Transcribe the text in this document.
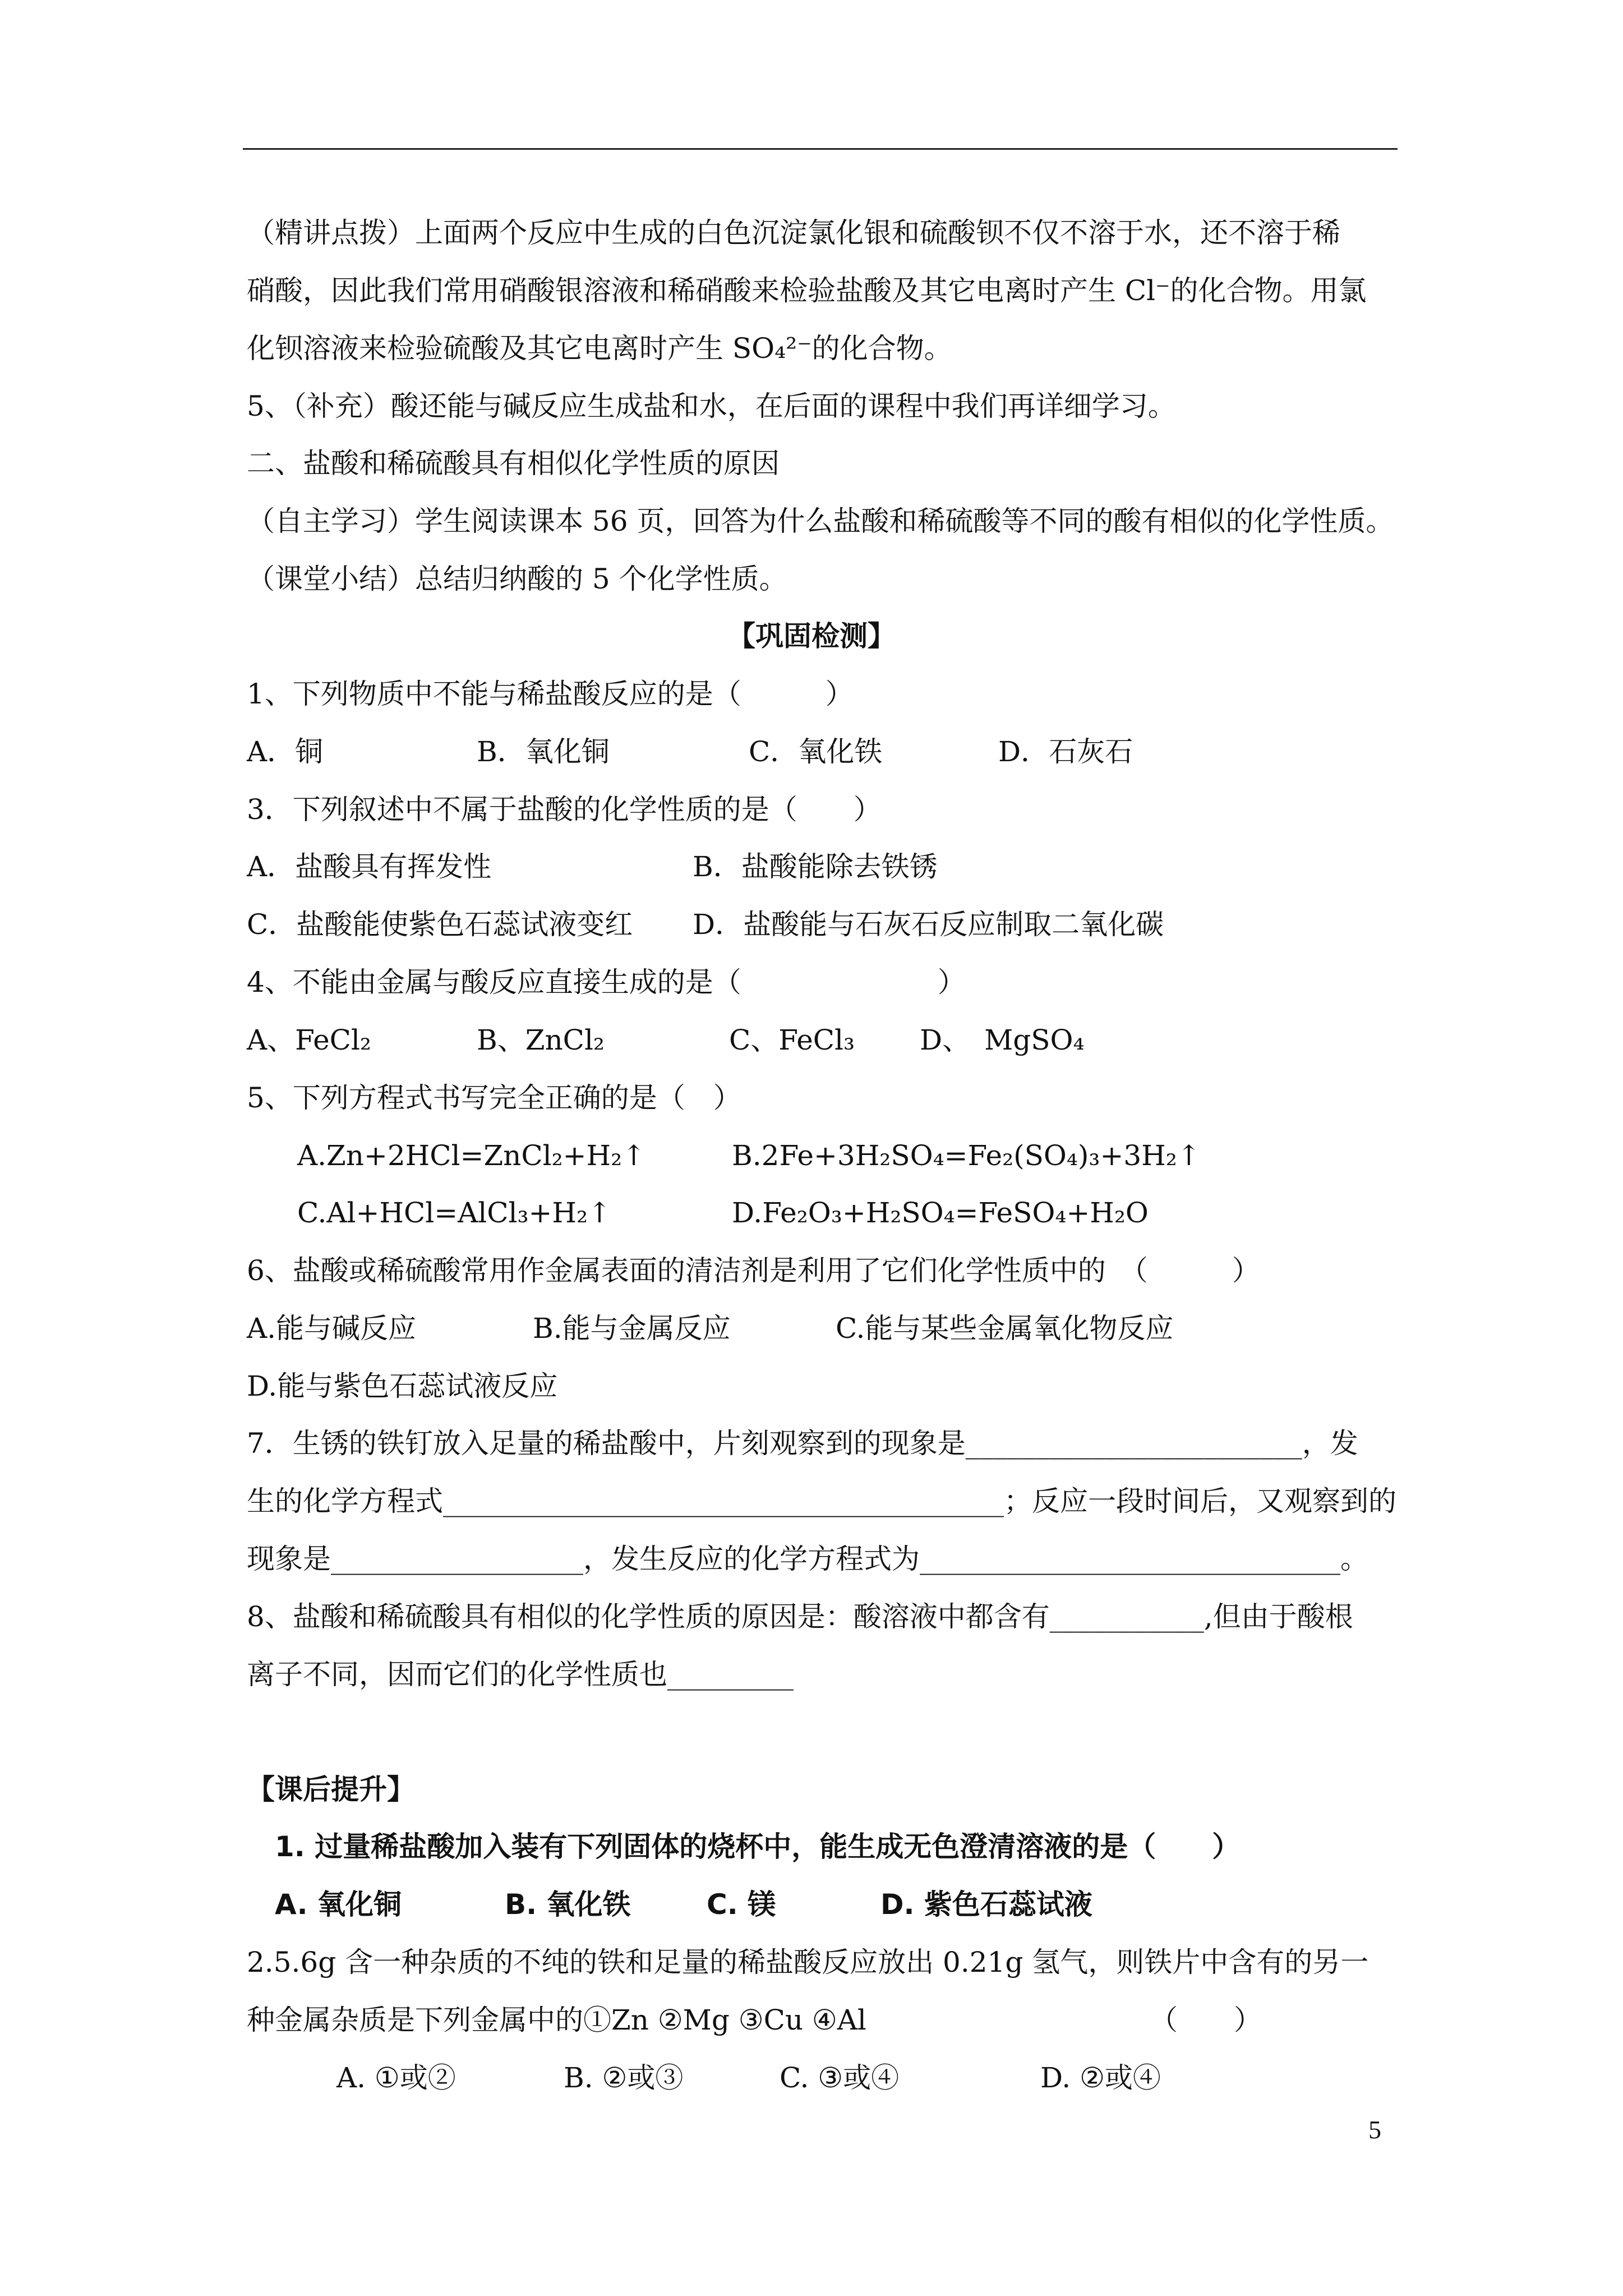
（精讲点拨）上面两个反应中生成的白色沉淀氯化银和硫酸钡不仅不溶于水，还不溶于稀
硝酸，因此我们常用硝酸银溶液和稀硝酸来检验盐酸及其它电离时产生 Cl⁻的化合物。用氯
化钡溶液来检验硫酸及其它电离时产生 SO₄²⁻的化合物。
5、（补充）酸还能与碱反应生成盐和水，在后面的课程中我们再详细学习。
二、盐酸和稀硫酸具有相似化学性质的原因
（自主学习）学生阅读课本 56 页，回答为什么盐酸和稀硫酸等不同的酸有相似的化学性质。
（课堂小结）总结归纳酸的 5 个化学性质。
【巩固检测】
1、下列物质中不能与稀盐酸反应的是（　　　）
A．铜	B．氧化铜	C．氧化铁	D．石灰石
3．下列叙述中不属于盐酸的化学性质的是（　　）
A．盐酸具有挥发性	B．盐酸能除去铁锈
C．盐酸能使紫色石蕊试液变红 D．盐酸能与石灰石反应制取二氧化碳
4、不能由金属与酸反应直接生成的是（　　　　　　　）
A、FeCl₂	B、ZnCl₂	C、FeCl₃ D、　MgSO₄
5、下列方程式书写完全正确的是（　）
A.Zn+2HCl=ZnCl₂+H₂↑	B.2Fe+3H₂SO₄=Fe₂(SO₄)₃+3H₂↑
C.Al+HCl=AlCl₃+H₂↑	D.Fe₂O₃+H₂SO₄=FeSO₄+H₂O
6、盐酸或稀硫酸常用作金属表面的清洁剂是利用了它们化学性质中的　（　　　）
A.能与碱反应	B.能与金属反应	C.能与某些金属氧化物反应
D.能与紫色石蕊试液反应
7．生锈的铁钉放入足量的稀盐酸中，片刻观察到的现象是________________________，发
生的化学方程式________________________________________；反应一段时间后，又观察到的
现象是__________________，发生反应的化学方程式为______________________________。
8、盐酸和稀硫酸具有相似的化学性质的原因是：酸溶液中都含有___________,但由于酸根
离子不同，因而它们的化学性质也_________
【课后提升】
1. 过量稀盐酸加入装有下列固体的烧杯中，能生成无色澄清溶液的是（　　）
A. 氧化铜	B. 氧化铁	C. 镁	D. 紫色石蕊试液
2.5.6g 含一种杂质的不纯的铁和足量的稀盐酸反应放出 0.21g 氢气，则铁片中含有的另一
种金属杂质是下列金属中的①Zn ②Mg ③Cu ④Al	（　　）
A. ①或②	B. ②或③	C. ③或④	D. ②或④
5
